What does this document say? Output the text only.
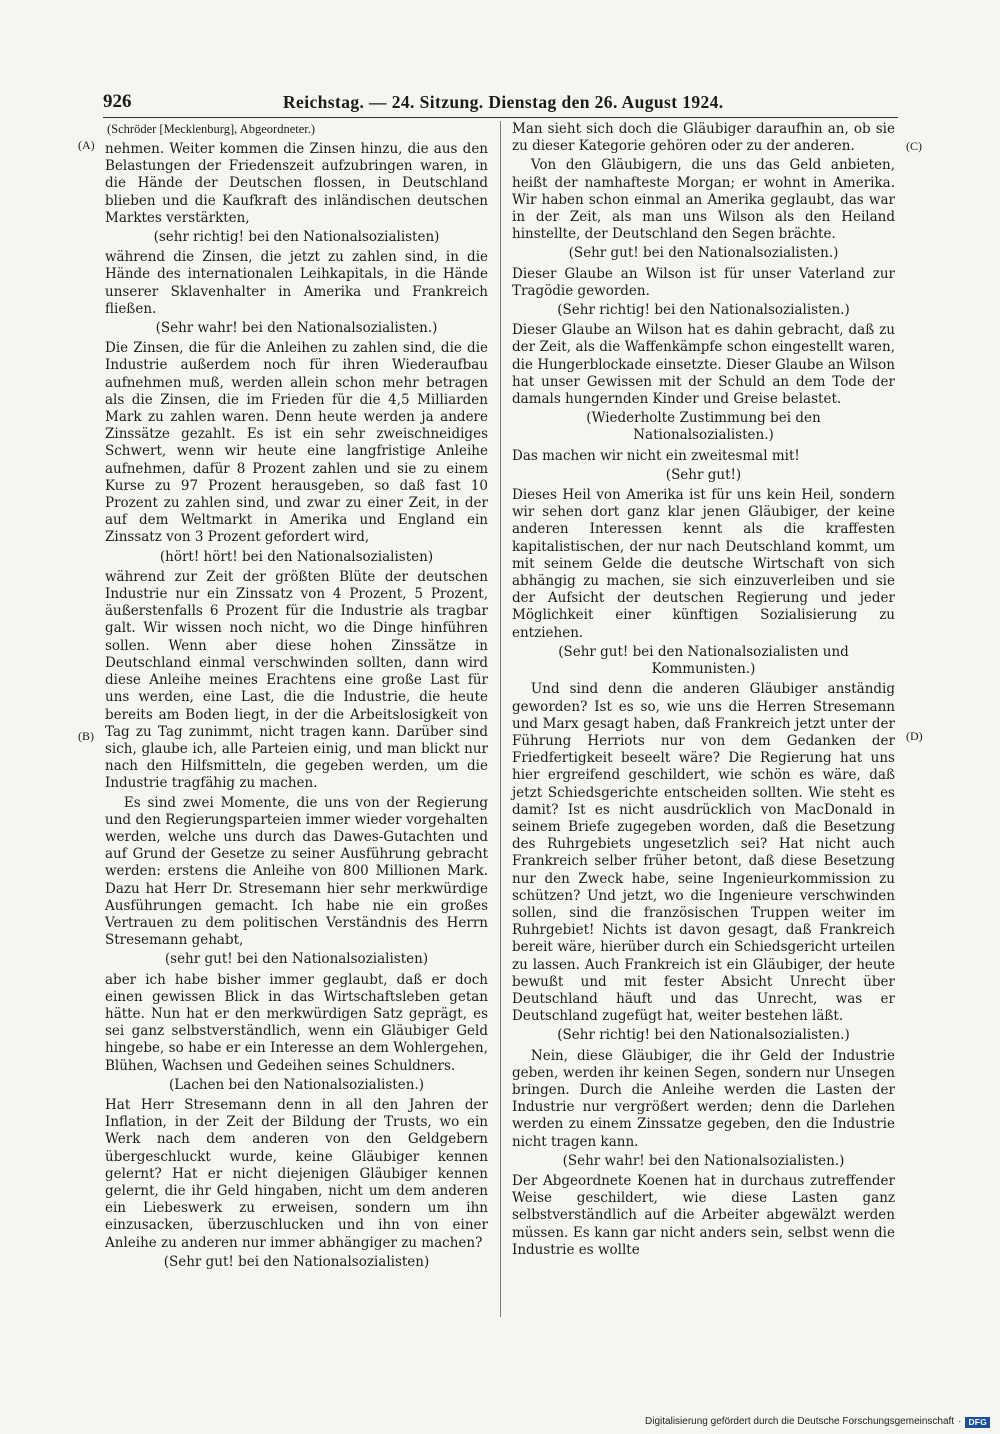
926	Reichstag. — 24. Sitzung. Dienstag den 26. August 1924.
(Schröder [Mecklenburg], Abgeordneter.)
(A)
(B)
(C)
(D)

nehmen. Weiter kommen die Zinsen hinzu, die aus den Belastungen der Friedenszeit aufzubringen waren, in die Hände der Deutschen flossen, in Deutschland blieben und die Kaufkraft des inländischen deutschen Marktes verstärkten,

(sehr richtig! bei den Nationalsozialisten)

während die Zinsen, die jetzt zu zahlen sind, in die Hände des internationalen Leihkapitals, in die Hände unserer Sklavenhalter in Amerika und Frankreich fließen.

(Sehr wahr! bei den Nationalsozialisten.)

Die Zinsen, die für die Anleihen zu zahlen sind, die die Industrie außerdem noch für ihren Wiederaufbau aufnehmen muß, werden allein schon mehr betragen als die Zinsen, die im Frieden für die 4,5 Milliarden Mark zu zahlen waren. Denn heute werden ja andere Zinssätze gezahlt. Es ist ein sehr zweischneidiges Schwert, wenn wir heute eine langfristige Anleihe aufnehmen, dafür 8 Prozent zahlen und sie zu einem Kurse zu 97 Prozent herausgeben, so daß fast 10 Prozent zu zahlen sind, und zwar zu einer Zeit, in der auf dem Weltmarkt in Amerika und England ein Zinssatz von 3 Prozent gefordert wird,

(hört! hört! bei den Nationalsozialisten)

während zur Zeit der größten Blüte der deutschen Industrie nur ein Zinssatz von 4 Prozent, 5 Prozent, äußerstenfalls 6 Prozent für die Industrie als tragbar galt. Wir wissen noch nicht, wo die Dinge hinführen sollen. Wenn aber diese hohen Zinssätze in Deutschland einmal verschwinden sollten, dann wird diese Anleihe meines Erachtens eine große Last für uns werden, eine Last, die die Industrie, die heute bereits am Boden liegt, in der die Arbeitslosigkeit von Tag zu Tag zunimmt, nicht tragen kann. Darüber sind sich, glaube ich, alle Parteien einig, und man blickt nur nach den Hilfsmitteln, die gegeben werden, um die Industrie tragfähig zu machen.

Es sind zwei Momente, die uns von der Regierung und den Regierungsparteien immer wieder vorgehalten werden, welche uns durch das Dawes-Gutachten und auf Grund der Gesetze zu seiner Ausführung gebracht werden: erstens die Anleihe von 800 Millionen Mark. Dazu hat Herr Dr. Stresemann hier sehr merkwürdige Ausführungen gemacht. Ich habe nie ein großes Vertrauen zu dem politischen Verständnis des Herrn Stresemann gehabt,

(sehr gut! bei den Nationalsozialisten)

aber ich habe bisher immer geglaubt, daß er doch einen gewissen Blick in das Wirtschaftsleben getan hätte. Nun hat er den merkwürdigen Satz geprägt, es sei ganz selbstverständlich, wenn ein Gläubiger Geld hingebe, so habe er ein Interesse an dem Wohlergehen, Blühen, Wachsen und Gedeihen seines Schuldners.

(Lachen bei den Nationalsozialisten.)

Hat Herr Stresemann denn in all den Jahren der Inflation, in der Zeit der Bildung der Trusts, wo ein Werk nach dem anderen von den Geldgebern übergeschluckt wurde, keine Gläubiger kennen gelernt? Hat er nicht diejenigen Gläubiger kennen gelernt, die ihr Geld hingaben, nicht um dem anderen ein Liebeswerk zu erweisen, sondern um ihn einzusacken, überzuschlucken und ihn von einer Anleihe zu anderen nur immer abhängiger zu machen?

(Sehr gut! bei den Nationalsozialisten)

Man sieht sich doch die Gläubiger daraufhin an, ob sie zu dieser Kategorie gehören oder zu der anderen.

Von den Gläubigern, die uns das Geld anbieten, heißt der namhafteste Morgan; er wohnt in Amerika. Wir haben schon einmal an Amerika geglaubt, das war in der Zeit, als man uns Wilson als den Heiland hinstellte, der Deutschland den Segen brächte.

(Sehr gut! bei den Nationalsozialisten.)

Dieser Glaube an Wilson ist für unser Vaterland zur Tragödie geworden.

(Sehr richtig! bei den Nationalsozialisten.)

Dieser Glaube an Wilson hat es dahin gebracht, daß zu der Zeit, als die Waffenkämpfe schon eingestellt waren, die Hungerblockade einsetzte. Dieser Glaube an Wilson hat unser Gewissen mit der Schuld an dem Tode der damals hungernden Kinder und Greise belastet.

(Wiederholte Zustimmung bei den Nationalsozialisten.)

Das machen wir nicht ein zweitesmal mit!

(Sehr gut!)

Dieses Heil von Amerika ist für uns kein Heil, sondern wir sehen dort ganz klar jenen Gläubiger, der keine anderen Interessen kennt als die kraffesten kapitalistischen, der nur nach Deutschland kommt, um mit seinem Gelde die deutsche Wirtschaft von sich abhängig zu machen, sie sich einzuverleiben und sie der Aufsicht der deutschen Regierung und jeder Möglichkeit einer künftigen Sozialisierung zu entziehen.

(Sehr gut! bei den Nationalsozialisten und Kommunisten.)

Und sind denn die anderen Gläubiger anständig geworden? Ist es so, wie uns die Herren Stresemann und Marx gesagt haben, daß Frankreich jetzt unter der Führung Herriots nur von dem Gedanken der Friedfertigkeit beseelt wäre? Die Regierung hat uns hier ergreifend geschildert, wie schön es wäre, daß jetzt Schiedsgerichte entscheiden sollten. Wie steht es damit? Ist es nicht ausdrücklich von MacDonald in seinem Briefe zugegeben worden, daß die Besetzung des Ruhrgebiets ungesetzlich sei? Hat nicht auch Frankreich selber früher betont, daß diese Besetzung nur den Zweck habe, seine Ingenieurkommission zu schützen? Und jetzt, wo die Ingenieure verschwinden sollen, sind die französischen Truppen weiter im Ruhrgebiet! Nichts ist davon gesagt, daß Frankreich bereit wäre, hierüber durch ein Schiedsgericht urteilen zu lassen. Auch Frankreich ist ein Gläubiger, der heute bewußt und mit fester Absicht Unrecht über Deutschland häuft und das Unrecht, was er Deutschland zugefügt hat, weiter bestehen läßt.

(Sehr richtig! bei den Nationalsozialisten.)

Nein, diese Gläubiger, die ihr Geld der Industrie geben, werden ihr keinen Segen, sondern nur Unsegen bringen. Durch die Anleihe werden die Lasten der Industrie nur vergrößert werden; denn die Darlehen werden zu einem Zinssatze gegeben, den die Industrie nicht tragen kann.

(Sehr wahr! bei den Nationalsozialisten.)

Der Abgeordnete Koenen hat in durchaus zutreffender Weise geschildert, wie diese Lasten ganz selbstverständlich auf die Arbeiter abgewälzt werden müssen. Es kann gar nicht anders sein, selbst wenn die Industrie es wollte

Digitalisierung gefördert durch die Deutsche Forschungsgemeinschaft · DFG
